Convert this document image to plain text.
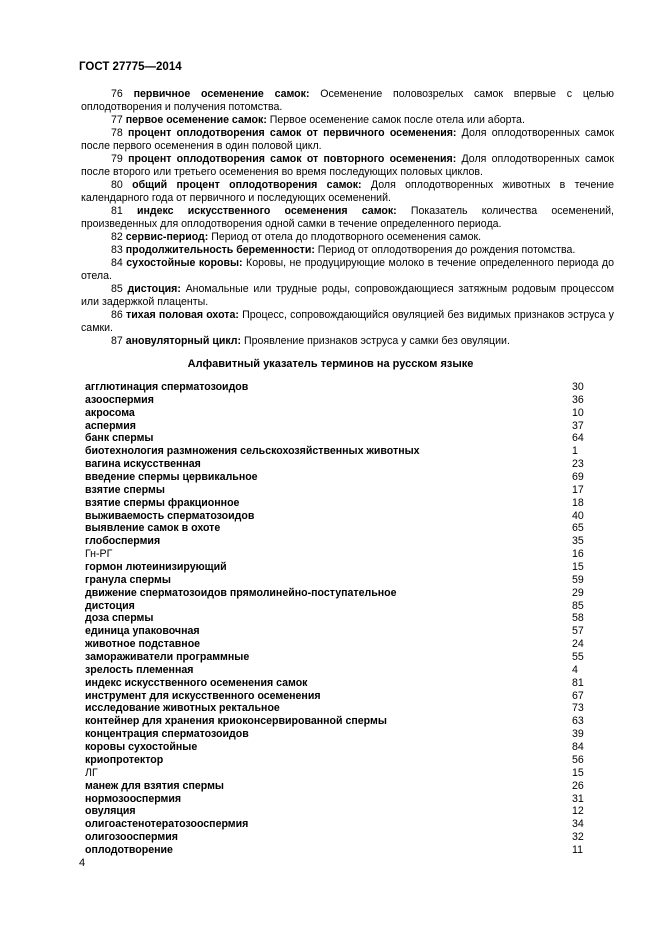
ГОСТ 27775—2014

76 первичное осеменение самок: Осеменение половозрелых самок впервые с целью оплодотворения и получения потомства.

77 первое осеменение самок: Первое осеменение самок после отела или аборта.

78 процент оплодотворения самок от первичного осеменения: Доля оплодотворенных самок после первого осеменения в один половой цикл.

79 процент оплодотворения самок от повторного осеменения: Доля оплодотворенных самок после второго или третьего осеменения во время последующих половых циклов.

80 общий процент оплодотворения самок: Доля оплодотворенных животных в течение календарного года от первичного и последующих осеменений.

81 индекс искусственного осеменения самок: Показатель количества осеменений, произведенных для оплодотворения одной самки в течение определенного периода.

82 сервис-период: Период от отела до плодотворного осеменения самок.

83 продолжительность беременности: Период от оплодотворения до рождения потомства.

84 сухостойные коровы: Коровы, не продуцирующие молоко в течение определенного периода до отела.

85 дистоция: Аномальные или трудные роды, сопровождающиеся затяжным родовым процессом или задержкой плаценты.

86 тихая половая охота: Процесс, сопровождающийся овуляцией без видимых признаков эструса у самки.

87 ановуляторный цикл: Проявление признаков эструса у самки без овуляции.

Алфавитный указатель терминов на русском языке
агглютинация сперматозоидов	30
азооспермия	36
акросома	10
аспермия	37
банк спермы	64
биотехнология размножения сельскохозяйственных животных	1
вагина искусственная	23
введение спермы цервикальное	69
взятие спермы	17
взятие спермы фракционное	18
выживаемость сперматозоидов	40
выявление самок в охоте	65
глобоспермия	35
Гн-РГ	16
гормон лютеинизирующий	15
гранула спермы	59
движение сперматозоидов прямолинейно-поступательное	29
дистоция	85
доза спермы	58
единица упаковочная	57
животное подставное	24
замораживатели программные	55
зрелость племенная	4
индекс искусственного осеменения самок	81
инструмент для искусственного осеменения	67
исследование животных ректальное	73
контейнер для хранения криоконсервированной спермы	63
концентрация сперматозоидов	39
коровы сухостойные	84
криопротектор	56
ЛГ	15
манеж для взятия спермы	26
нормозооспермия	31
овуляция	12
олигоастенотератозооспермия	34
олигозооспермия	32
оплодотворение	11
4
